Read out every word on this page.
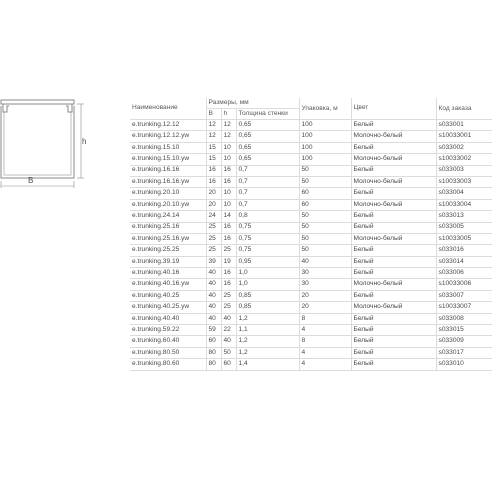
h
B
Наименование	Размеры, мм			Упаковка, м	Цвет	Код заказа
	В	h	Толщина стенки			
e.trunking.12.12	12	12	0,65	100	Белый	s033001
e.trunking.12.12.yw	12	12	0,65	100	Молочно-белый	s10033001
e.trunking.15.10	15	10	0,65	100	Белый	s033002
e.trunking.15.10.yw	15	10	0,65	100	Молочно-белый	s10033002
e.trunking.16.16	16	16	0,7	50	Белый	s033003
e.trunking.16.16.yw	16	16	0,7	50	Молочно-белый	s10033003
e.trunking.20.10	20	10	0,7	60	Белый	s033004
e.trunking.20.10.yw	20	10	0,7	60	Молочно-белый	s10033004
e.trunking.24.14	24	14	0,8	50	Белый	s033013
e.trunking.25.16	25	16	0,75	50	Белый	s033005
e.trunking.25.16.yw	25	16	0,75	50	Молочно-белый	s10033005
e.trunking.25.25	25	25	0,75	50	Белый	s033016
e.trunking.39.19	39	19	0,95	40	Белый	s033014
e.trunking.40.16	40	16	1,0	30	Белый	s033006
e.trunking.40.16.yw	40	16	1,0	30	Молочно-белый	s10033006
e.trunking.40.25	40	25	0,85	20	Белый	s033007
e.trunking.40.25.yw	40	25	0,85	20	Молочно-белый	s10033007
e.trunking.40.40	40	40	1,2	8	Белый	s033008
e.trunking.59.22	59	22	1,1	4	Белый	s033015
e.trunking.60.40	60	40	1,2	8	Белый	s033009
e.trunking.80.50	80	50	1,2	4	Белый	s033017
e.trunking.80.60	80	60	1,4	4	Белый	s033010
